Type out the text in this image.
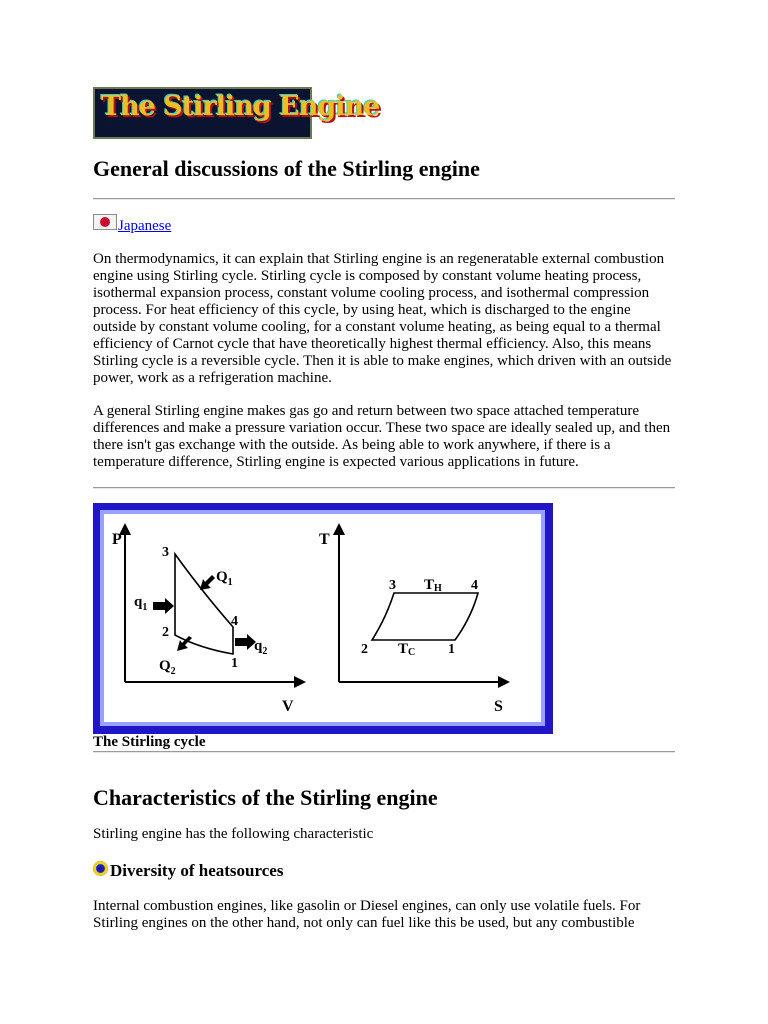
The Stirling Engine
General discussions of the Stirling engine
Japanese

On thermodynamics, it can explain that Stirling engine is an regeneratable external combustion engine using Stirling cycle. Stirling cycle is composed by constant volume heating process, isothermal expansion process, constant volume cooling process, and isothermal compression process. For heat efficiency of this cycle, by using heat, which is discharged to the engine outside by constant volume cooling, for a constant volume heating, as being equal to a thermal efficiency of Carnot cycle that have theoretically highest thermal efficiency. Also, this means Stirling cycle is a reversible cycle. Then it is able to make engines, which driven with an outside power, work as a refrigeration machine.

A general Stirling engine makes gas go and return between two space attached temperature differences and make a pressure variation occur. These two space are ideally sealed up, and then there isn't gas exchange with the outside. As being able to work anywhere, if there is a temperature difference, Stirling engine is expected various applications in future.

P
V
3
2
4
1
$q_1$
$q_2$
$Q_1$
$Q_2$
T
S
3	4
2	1
TH
TC
The Stirling cycle
Characteristics of the Stirling engine

Stirling engine has the following characteristic

Diversity of heatsources

Internal combustion engines, like gasolin or Diesel engines, can only use volatile fuels. For Stirling engines on the other hand, not only can fuel like this be used, but any combustible
